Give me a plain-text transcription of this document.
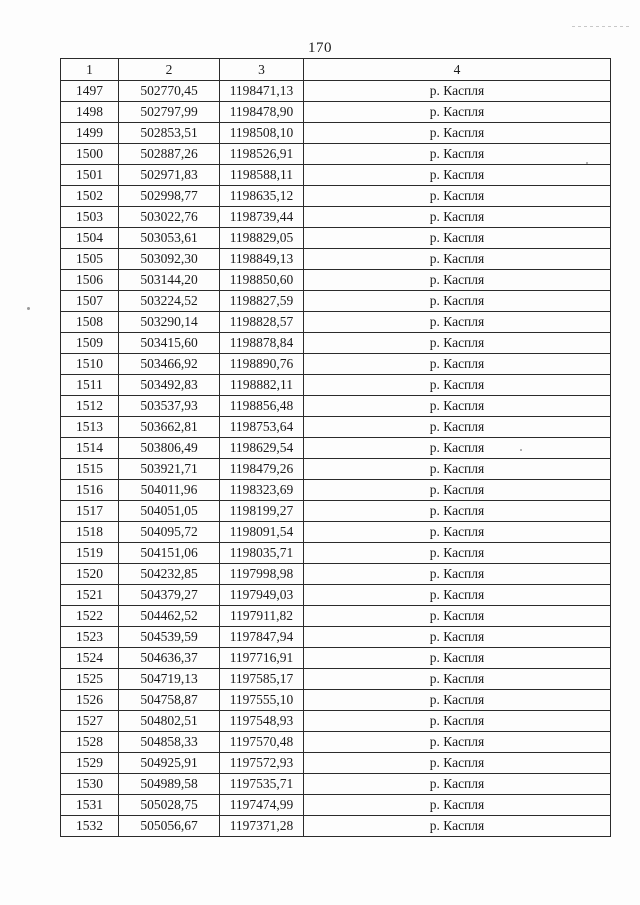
170
1	2	3	4
1497	502770,45	1198471,13	р. Каспля
1498	502797,99	1198478,90	р. Каспля
1499	502853,51	1198508,10	р. Каспля
1500	502887,26	1198526,91	р. Каспля
1501	502971,83	1198588,11	р. Каспля
1502	502998,77	1198635,12	р. Каспля
1503	503022,76	1198739,44	р. Каспля
1504	503053,61	1198829,05	р. Каспля
1505	503092,30	1198849,13	р. Каспля
1506	503144,20	1198850,60	р. Каспля
1507	503224,52	1198827,59	р. Каспля
1508	503290,14	1198828,57	р. Каспля
1509	503415,60	1198878,84	р. Каспля
1510	503466,92	1198890,76	р. Каспля
1511	503492,83	1198882,11	р. Каспля
1512	503537,93	1198856,48	р. Каспля
1513	503662,81	1198753,64	р. Каспля
1514	503806,49	1198629,54	р. Каспля
1515	503921,71	1198479,26	р. Каспля
1516	504011,96	1198323,69	р. Каспля
1517	504051,05	1198199,27	р. Каспля
1518	504095,72	1198091,54	р. Каспля
1519	504151,06	1198035,71	р. Каспля
1520	504232,85	1197998,98	р. Каспля
1521	504379,27	1197949,03	р. Каспля
1522	504462,52	1197911,82	р. Каспля
1523	504539,59	1197847,94	р. Каспля
1524	504636,37	1197716,91	р. Каспля
1525	504719,13	1197585,17	р. Каспля
1526	504758,87	1197555,10	р. Каспля
1527	504802,51	1197548,93	р. Каспля
1528	504858,33	1197570,48	р. Каспля
1529	504925,91	1197572,93	р. Каспля
1530	504989,58	1197535,71	р. Каспля
1531	505028,75	1197474,99	р. Каспля
1532	505056,67	1197371,28	р. Каспля
